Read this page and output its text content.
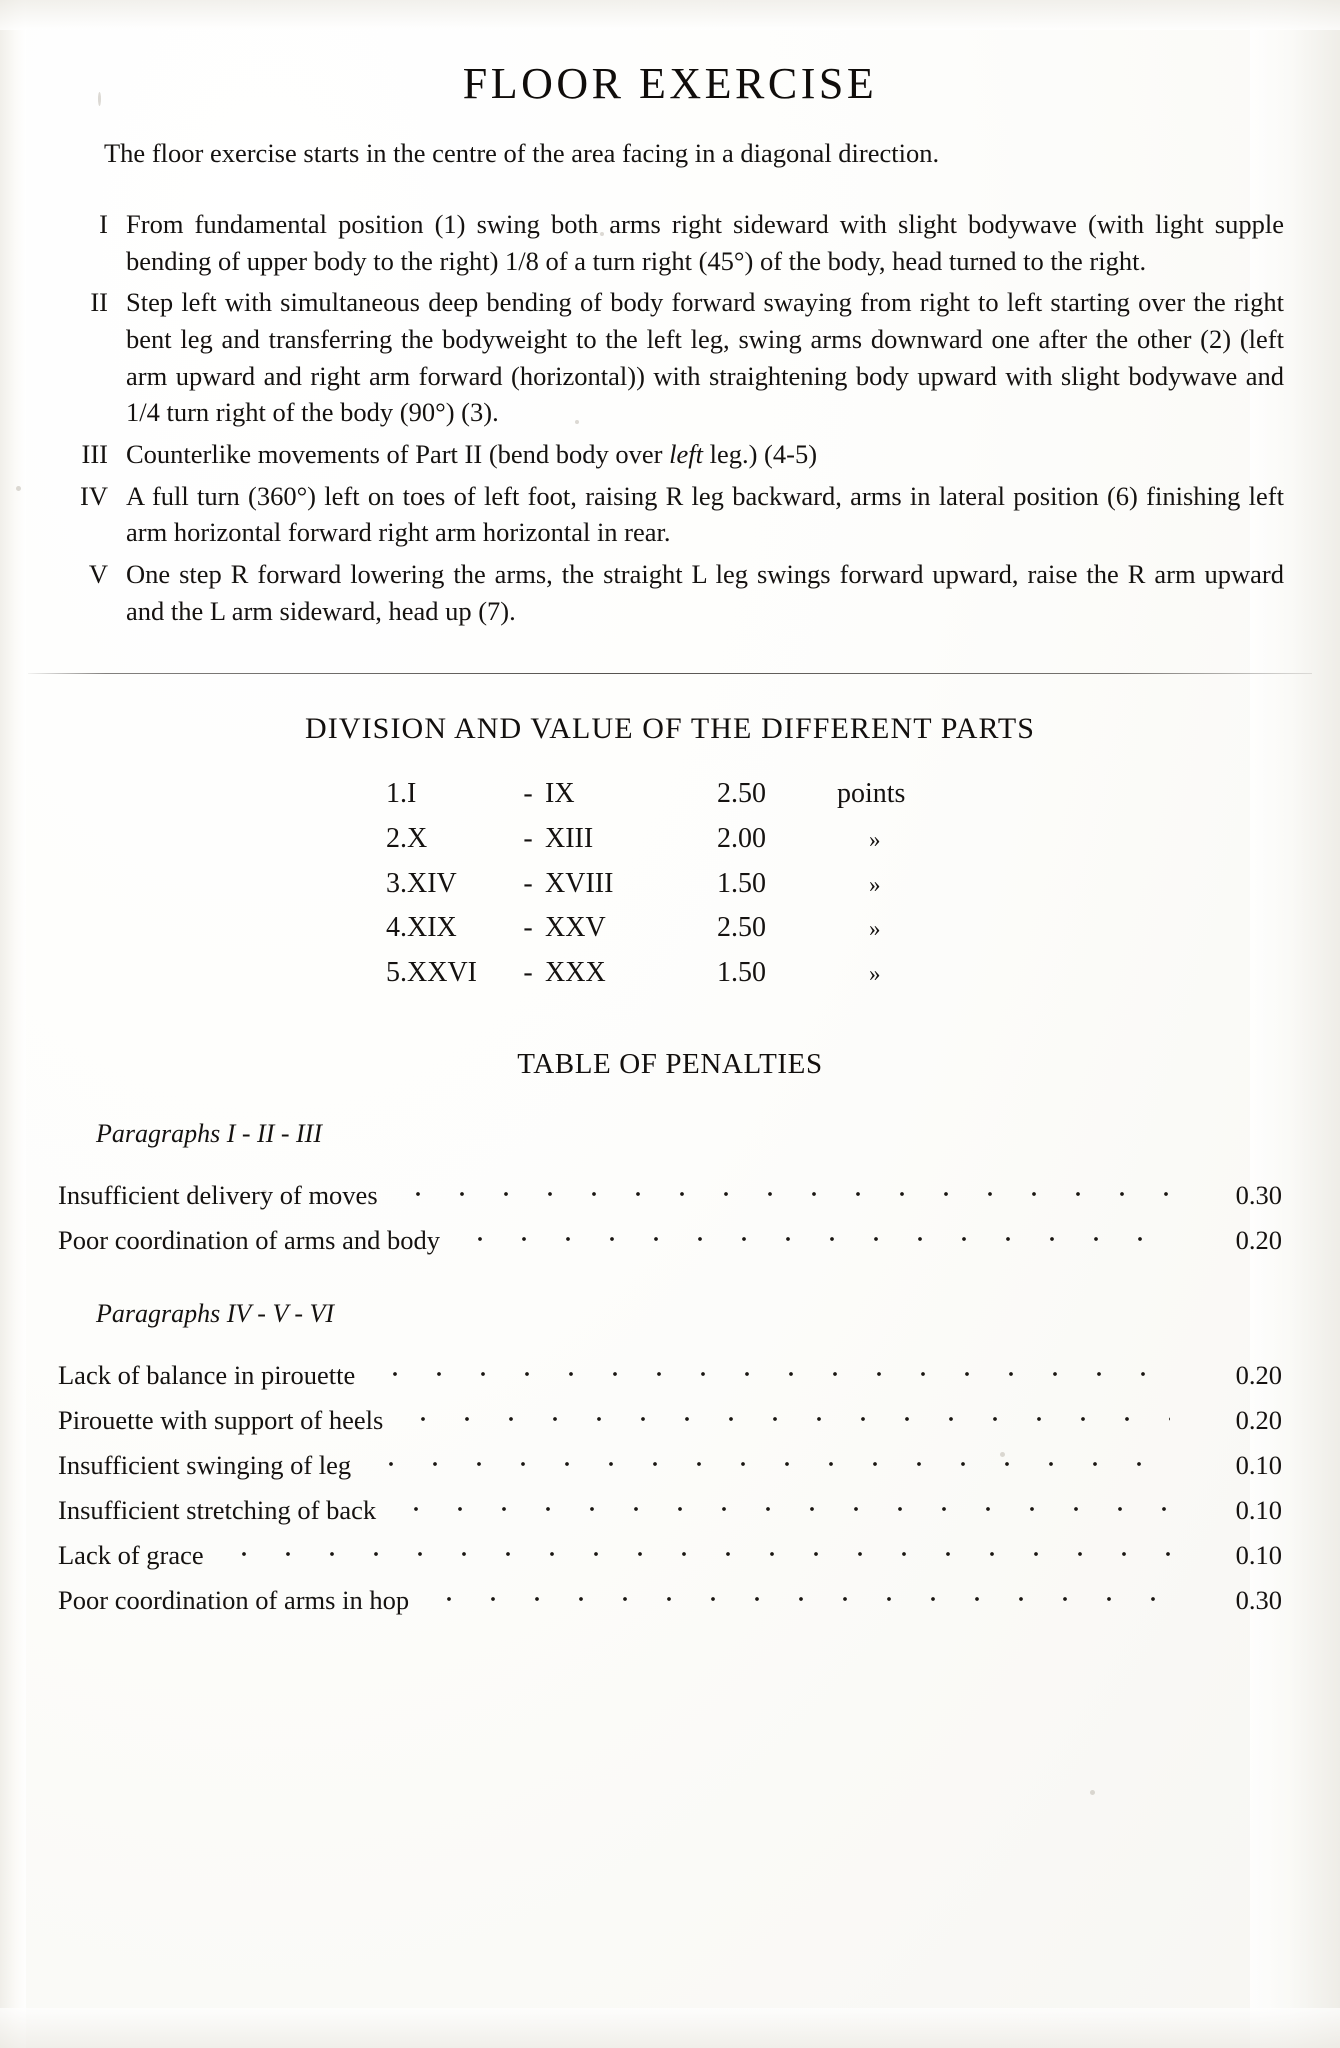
FLOOR EXERCISE

The floor exercise starts in the centre of the area facing in a diagonal direction.

I From fundamental position (1) swing both arms right sideward with slight bodywave (with light supple bending of upper body to the right) 1/8 of a turn right (45°) of the body, head turned to the right.
II Step left with simultaneous deep bending of body forward swaying from right to left starting over the right bent leg and transferring the bodyweight to the left leg, swing arms downward one after the other (2) (left arm upward and right arm forward (horizontal)) with straightening body upward with slight bodywave and 1/4 turn right of the body (90°) (3).
III Counterlike movements of Part II (bend body over left leg.) (4-5)
IV A full turn (360°) left on toes of left foot, raising R leg backward, arms in lateral position (6) finishing left arm horizontal forward right arm horizontal in rear.
V One step R forward lowering the arms, the straight L leg swings forward upward, raise the R arm upward and the L arm sideward, head up (7).
DIVISION AND VALUE OF THE DIFFERENT PARTS
1.	I	-	IX	2.50	points
2.	X	-	XIII	2.00	»
3.	XIV	-	XVIII	1.50	»
4.	XIX	-	XXV	2.50	»
5.	XXVI	-	XXX	1.50	»
TABLE OF PENALTIES
Paragraphs I - II - III
Insufficient delivery of moves	0.30
Poor coordination of arms and body	0.20
Paragraphs IV - V - VI
Lack of balance in pirouette	0.20
Pirouette with support of heels	0.20
Insufficient swinging of leg	0.10
Insufficient stretching of back	0.10
Lack of grace	0.10
Poor coordination of arms in hop	0.30
